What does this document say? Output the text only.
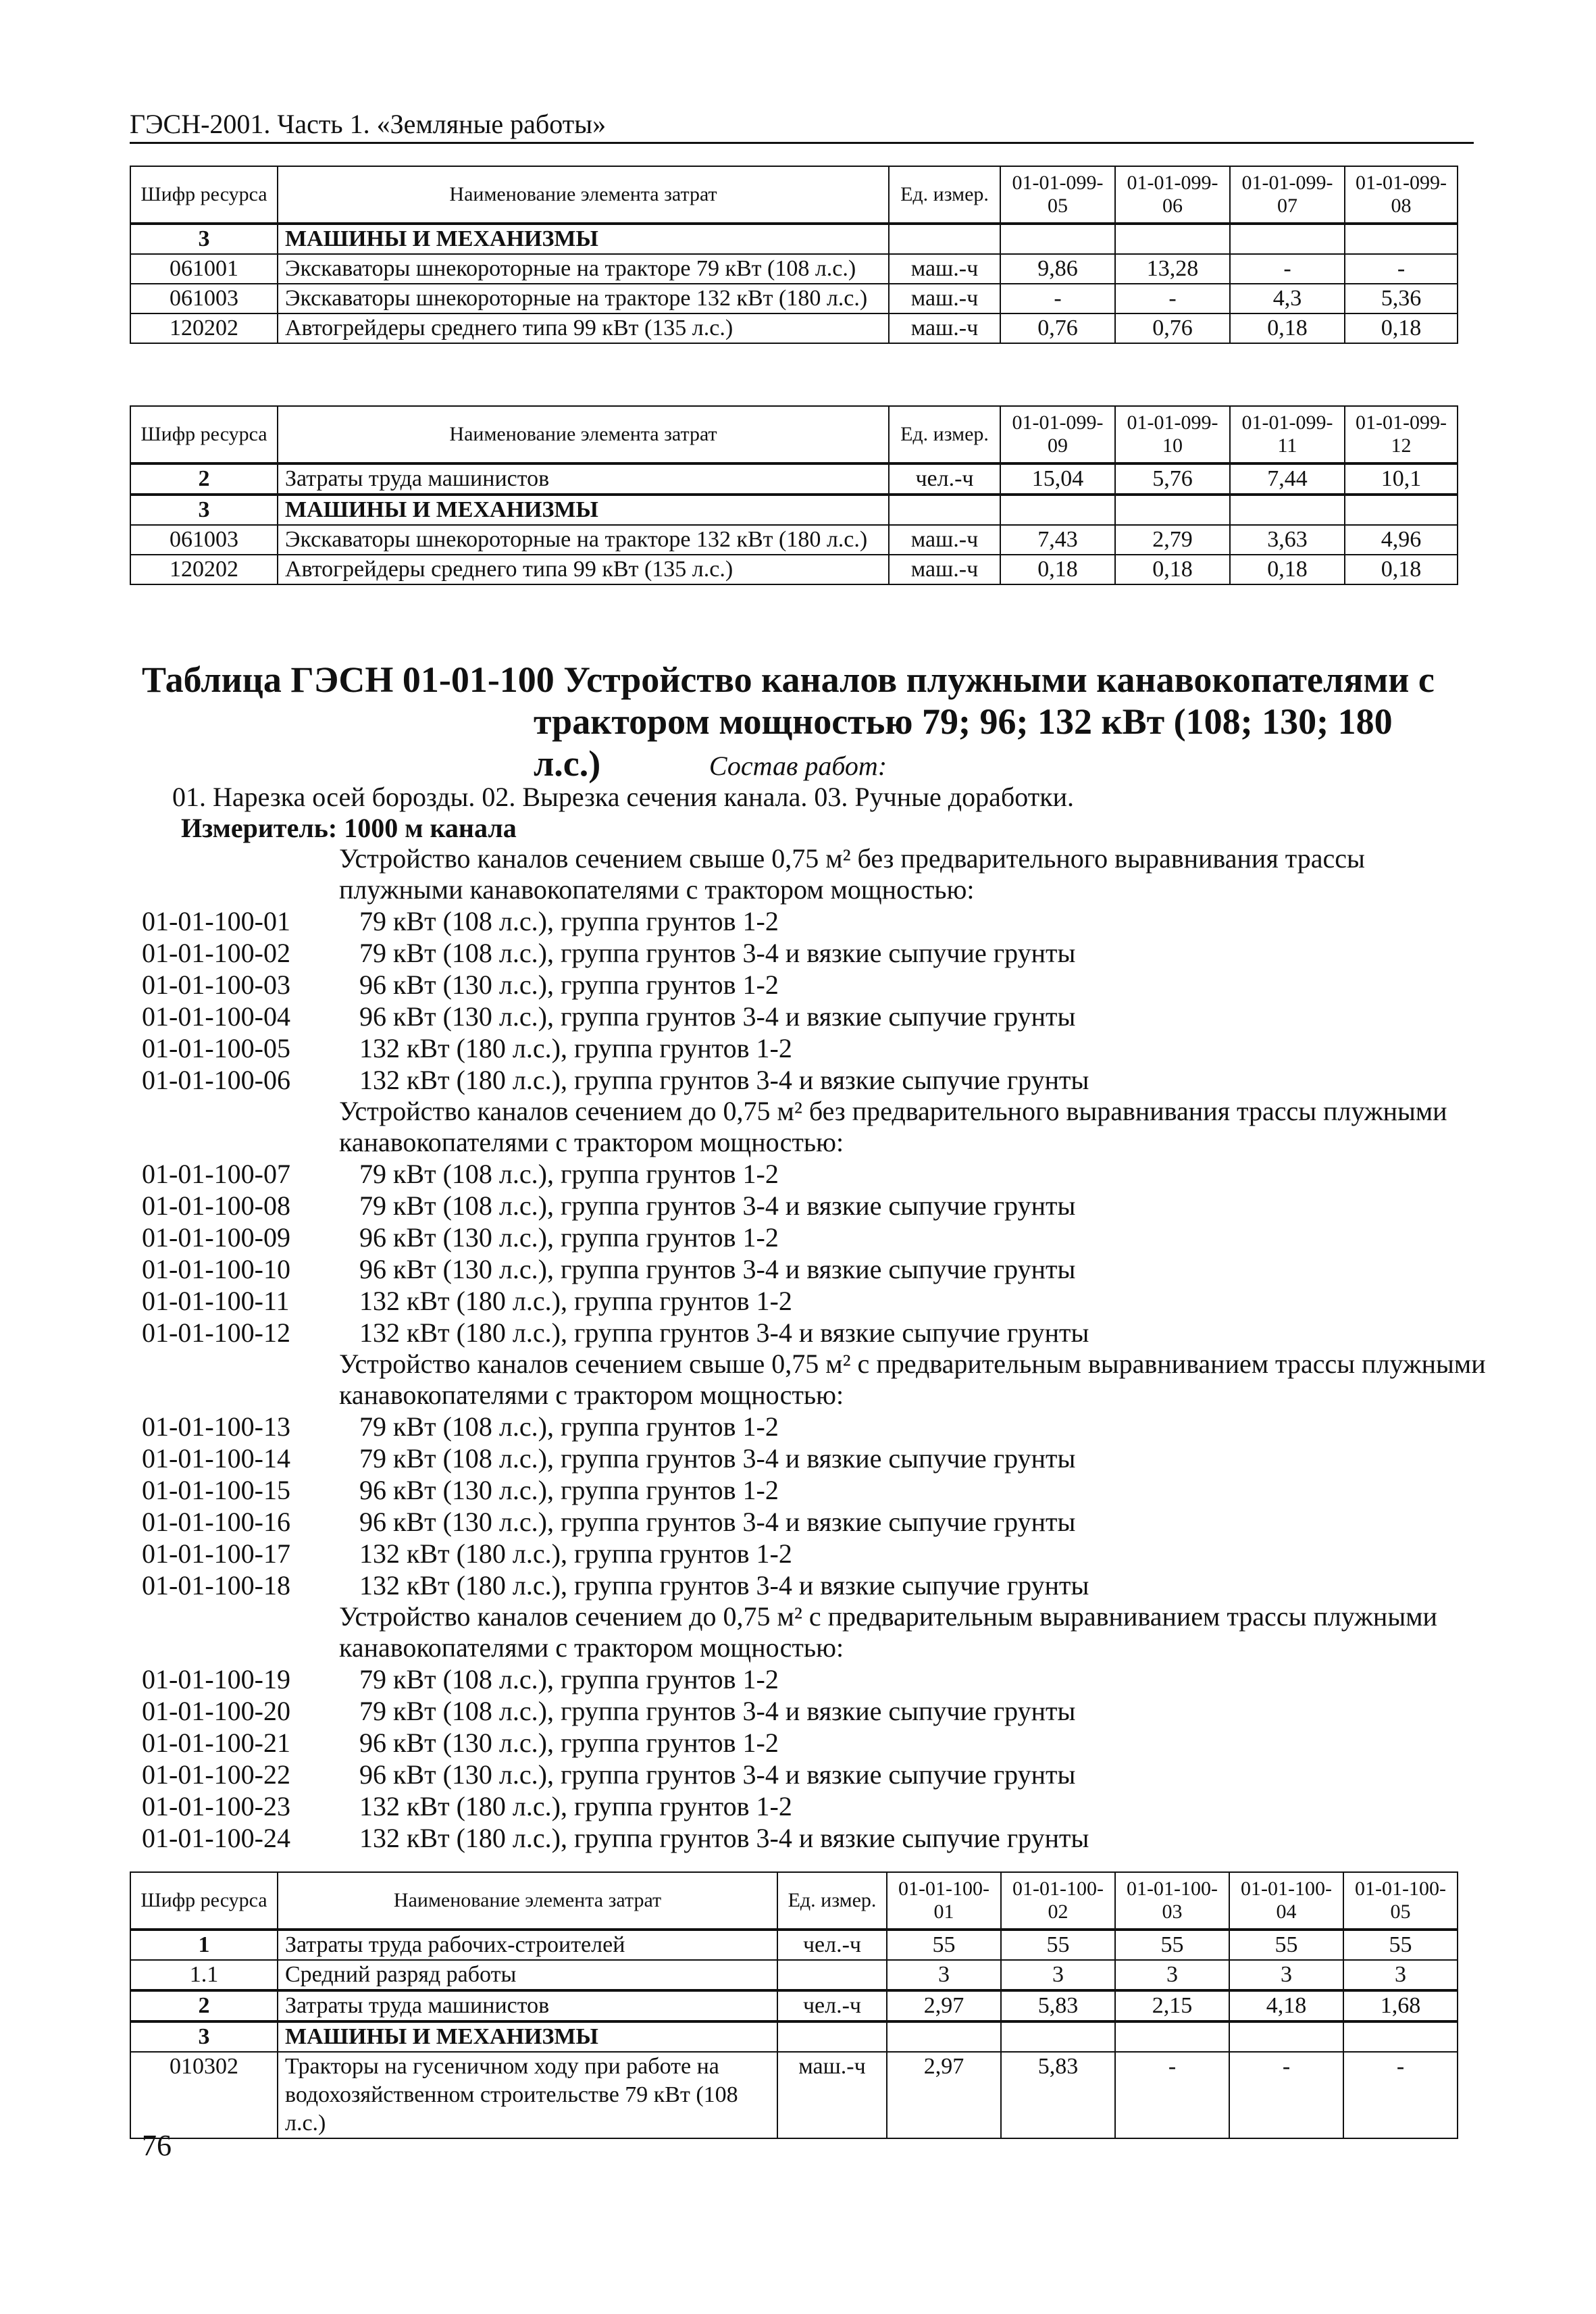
ГЭСН-2001. Часть 1. «Земляные работы»
Шифр ресурса	Наименование элемента затрат	Ед. измер.	01-01-099-05	01-01-099-06	01-01-099-07	01-01-099-08
3	МАШИНЫ И МЕХАНИЗМЫ					
061001	Экскаваторы шнекороторные на тракторе 79 кВт (108 л.с.)	маш.-ч	9,86	13,28	-	-
061003	Экскаваторы шнекороторные на тракторе 132 кВт (180 л.с.)	маш.-ч	-	-	4,3	5,36
120202	Автогрейдеры среднего типа 99 кВт (135 л.с.)	маш.-ч	0,76	0,76	0,18	0,18
Шифр ресурса	Наименование элемента затрат	Ед. измер.	01-01-099-09	01-01-099-10	01-01-099-11	01-01-099-12
2	Затраты труда машинистов	чел.-ч	15,04	5,76	7,44	10,1
3	МАШИНЫ И МЕХАНИЗМЫ					
061003	Экскаваторы шнекороторные на тракторе 132 кВт (180 л.с.)	маш.-ч	7,43	2,79	3,63	4,96
120202	Автогрейдеры среднего типа 99 кВт (135 л.с.)	маш.-ч	0,18	0,18	0,18	0,18
Таблица ГЭСН 01-01-100 Устройство каналов плужными канавокопателями с
трактором мощностью 79; 96; 132 кВт (108; 130; 180 л.с.)	Состав работ:
01. Нарезка осей борозды. 02. Вырезка сечения канала. 03. Ручные доработки.
Измеритель: 1000 м канала
Устройство каналов сечением свыше 0,75 м² без предварительного выравнивания трассы плужными канавокопателями с трактором мощностью:
01-01-100-01	79 кВт (108 л.с.), группа грунтов 1-2
01-01-100-02	79 кВт (108 л.с.), группа грунтов 3-4 и вязкие сыпучие грунты
01-01-100-03	96 кВт (130 л.с.), группа грунтов 1-2
01-01-100-04	96 кВт (130 л.с.), группа грунтов 3-4 и вязкие сыпучие грунты
01-01-100-05	132 кВт (180 л.с.), группа грунтов 1-2
01-01-100-06	132 кВт (180 л.с.), группа грунтов 3-4 и вязкие сыпучие грунты
Устройство каналов сечением до 0,75 м² без предварительного выравнивания трассы плужными канавокопателями с трактором мощностью:
01-01-100-07	79 кВт (108 л.с.), группа грунтов 1-2
01-01-100-08	79 кВт (108 л.с.), группа грунтов 3-4 и вязкие сыпучие грунты
01-01-100-09	96 кВт (130 л.с.), группа грунтов 1-2
01-01-100-10	96 кВт (130 л.с.), группа грунтов 3-4 и вязкие сыпучие грунты
01-01-100-11	132 кВт (180 л.с.), группа грунтов 1-2
01-01-100-12	132 кВт (180 л.с.), группа грунтов 3-4 и вязкие сыпучие грунты
Устройство каналов сечением свыше 0,75 м² с предварительным выравниванием трассы плужными канавокопателями с трактором мощностью:
01-01-100-13	79 кВт (108 л.с.), группа грунтов 1-2
01-01-100-14	79 кВт (108 л.с.), группа грунтов 3-4 и вязкие сыпучие грунты
01-01-100-15	96 кВт (130 л.с.), группа грунтов 1-2
01-01-100-16	96 кВт (130 л.с.), группа грунтов 3-4 и вязкие сыпучие грунты
01-01-100-17	132 кВт (180 л.с.), группа грунтов 1-2
01-01-100-18	132 кВт (180 л.с.), группа грунтов 3-4 и вязкие сыпучие грунты
Устройство каналов сечением до 0,75 м² с предварительным выравниванием трассы плужными канавокопателями с трактором мощностью:
01-01-100-19	79 кВт (108 л.с.), группа грунтов 1-2
01-01-100-20	79 кВт (108 л.с.), группа грунтов 3-4 и вязкие сыпучие грунты
01-01-100-21	96 кВт (130 л.с.), группа грунтов 1-2
01-01-100-22	96 кВт (130 л.с.), группа грунтов 3-4 и вязкие сыпучие грунты
01-01-100-23	132 кВт (180 л.с.), группа грунтов 1-2
01-01-100-24	132 кВт (180 л.с.), группа грунтов 3-4 и вязкие сыпучие грунты
Шифр ресурса	Наименование элемента затрат	Ед. измер.	01-01-100-01	01-01-100-02	01-01-100-03	01-01-100-04	01-01-100-05
1	Затраты труда рабочих-строителей	чел.-ч	55	55	55	55	55
1.1	Средний разряд работы		3	3	3	3	3
2	Затраты труда машинистов	чел.-ч	2,97	5,83	2,15	4,18	1,68
3	МАШИНЫ И МЕХАНИЗМЫ						
010302	Тракторы на гусеничном ходу при работе на водохозяйственном строительстве 79 кВт (108 л.с.)	маш.-ч	2,97	5,83	-	-	-
76
